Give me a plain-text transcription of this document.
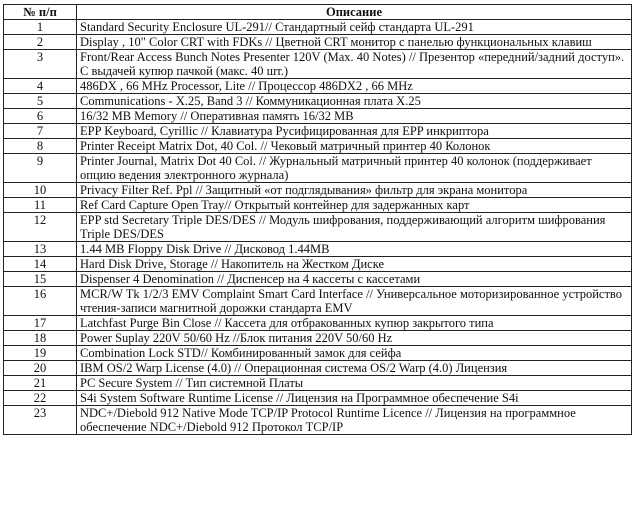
№ п/п	Описание
1	Standard Security Enclosure UL-291// Стандартный сейф стандарта UL-291
2	Display , 10" Color CRT with FDKs // Цветной CRT монитор с панелью функциональных клавиш
3	Front/Rear Access Bunch Notes Presenter 120V (Max. 40 Notes) // Презентор «передний/задний доступ». С выдачей купюр пачкой (макс. 40 шт.)
4	486DX , 66 MHz Processor, Lite // Процессор 486DX2 , 66 MHz
5	Communications - X.25, Band 3 // Коммуникационная плата X.25
6	16/32 MB Memory // Оперативная память 16/32 MB
7	EPP Keyboard, Cyrillic // Клавиатура Русифицированная для EPP инкриптора
8	Printer Receipt Matrix Dot, 40 Col. // Чековый матричный принтер 40 Колонок
9	Printer Journal, Matrix Dot 40 Col. // Журнальный матричный принтер 40 колонок (поддерживает опцию ведения электронного журнала)
10	Privacy Filter Ref. Ppl // Защитный «от подглядывания» фильтр для экрана монитора
11	Ref Card Capture Open Tray// Открытый контейнер для задержанных карт
12	EPP std Secretary Triple DES/DES // Модуль шифрования, поддерживающий алгоритм шифрования Triple DES/DES
13	1.44 MB Floppy Disk Drive // Дисковод 1.44MB
14	Hard Disk Drive, Storage // Накопитель на Жестком Диске
15	Dispenser 4 Denomination // Диспенсер на 4 кассеты с кассетами
16	MCR/W Tk 1/2/3 EMV Complaint Smart Card Interface // Универсальное моторизированное устройство чтения-записи магнитной дорожки стандарта EMV
17	Latchfast Purge Bin Close // Кассета для отбракованных купюр закрытого типа
18	Power Suplay 220V 50/60 Hz //Блок питания 220V 50/60 Hz
19	Combination Lock STD// Комбинированный замок для сейфа
20	IBM OS/2 Warp License (4.0) // Операционная система OS/2 Warp (4.0) Лицензия
21	PC Secure System // Тип системной Платы
22	S4i System Software Runtime License // Лицензия на Программное обеспечение S4i
23	NDC+/Diebold 912 Native Mode TCP/IP Protocol Runtime Licence // Лицензия на программное обеспечение NDC+/Diebold 912 Протокол TCP/IP
